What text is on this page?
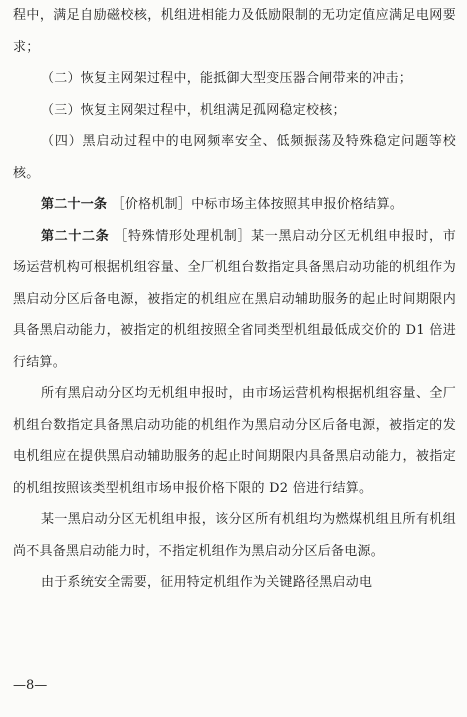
程中，满足自励磁校核，机组进相能力及低励限制的无功定值应满足电网要求；

（二）恢复主网架过程中，能抵御大型变压器合闸带来的冲击；

（三）恢复主网架过程中，机组满足孤网稳定校核；

（四）黑启动过程中的电网频率安全、低频振荡及特殊稳定问题等校核。

第二十一条 ［价格机制］中标市场主体按照其申报价格结算。

第二十二条 ［特殊情形处理机制］某一黑启动分区无机组申报时，市场运营机构可根据机组容量、全厂机组台数指定具备黑启动功能的机组作为黑启动分区后备电源，被指定的机组应在黑启动辅助服务的起止时间期限内具备黑启动能力，被指定的机组按照全省同类型机组最低成交价的 D1 倍进行结算。

所有黑启动分区均无机组申报时，由市场运营机构根据机组容量、全厂机组台数指定具备黑启动功能的机组作为黑启动分区后备电源，被指定的发电机组应在提供黑启动辅助服务的起止时间期限内具备黑启动能力，被指定的机组按照该类型机组市场申报价格下限的 D2 倍进行结算。

某一黑启动分区无机组申报，该分区所有机组均为燃煤机组且所有机组尚不具备黑启动能力时，不指定机组作为黑启动分区后备电源。

由于系统安全需要，征用特定机组作为关键路径黑启动电

—8—
